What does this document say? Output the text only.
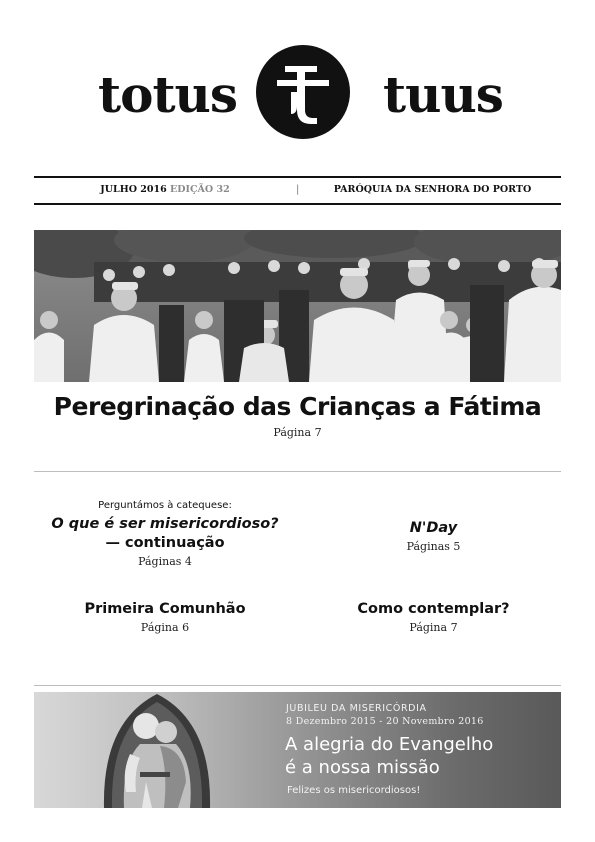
totus	tuus
JULHO 2016 EDIÇÃO 32	|	PARÓQUIA DA SENHORA DO PORTO
Peregrinação das Crianças a Fátima
Página 7
Perguntámos à catequese:
O que é ser misericordioso?
— continuação
Páginas 4
N'Day
Páginas 5
Primeira Comunhão
Página 6
Como contemplar?
Página 7
JUBILEU DA MISERICÓRDIA
8 Dezembro 2015 - 20 Novembro 2016
A alegria do Evangelho
é a nossa missão
Felizes os misericordiosos!
